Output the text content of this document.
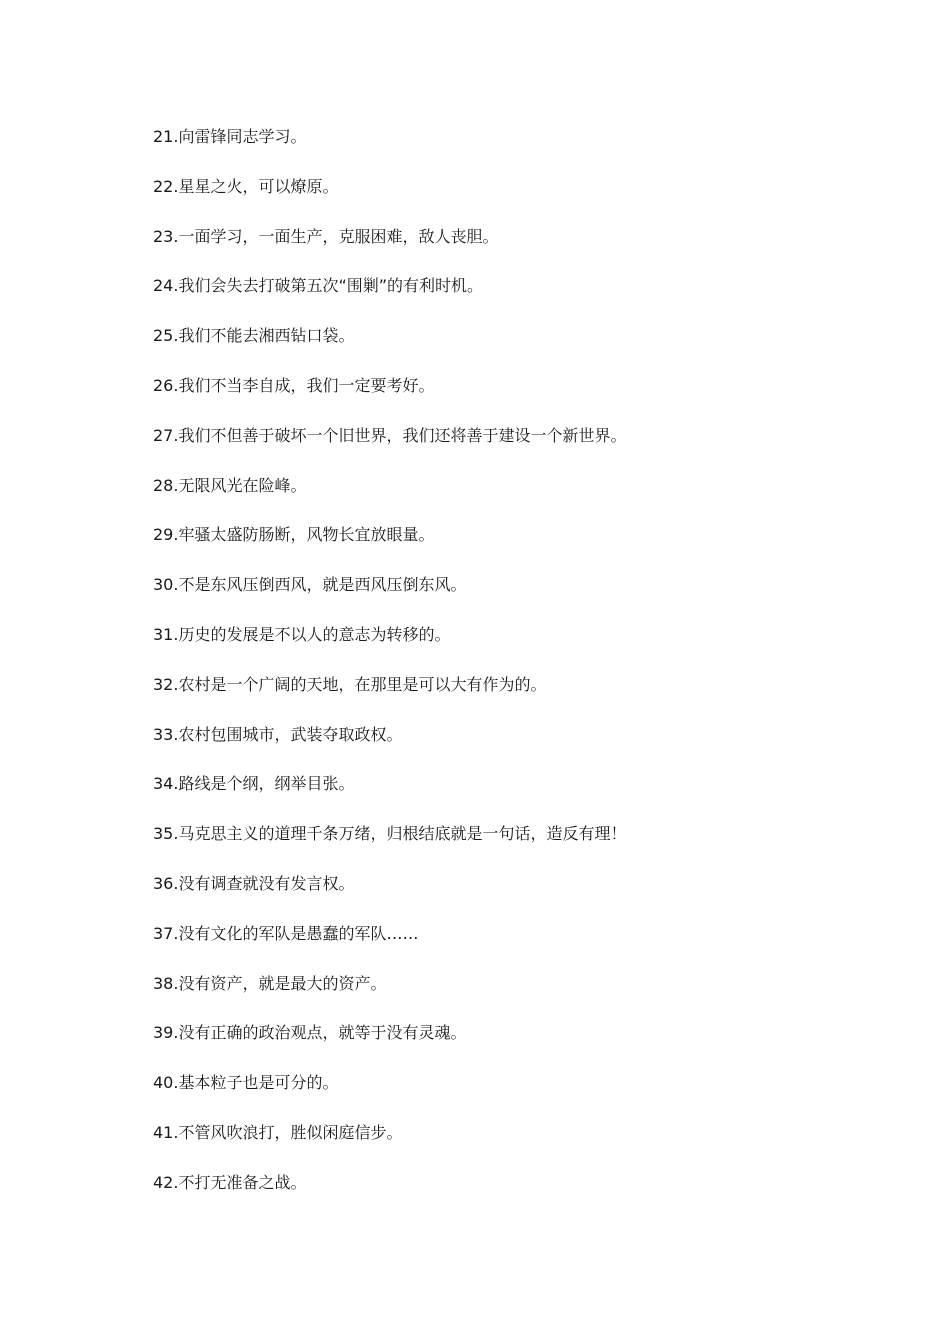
21.向雷锋同志学习。
22.星星之火，可以燎原。
23.一面学习，一面生产，克服困难，敌人丧胆。
24.我们会失去打破第五次“围剿”的有利时机。
25.我们不能去湘西钻口袋。
26.我们不当李自成，我们一定要考好。
27.我们不但善于破坏一个旧世界，我们还将善于建设一个新世界。
28.无限风光在险峰。
29.牢骚太盛防肠断，风物长宜放眼量。
30.不是东风压倒西风，就是西风压倒东风。
31.历史的发展是不以人的意志为转移的。
32.农村是一个广阔的天地，在那里是可以大有作为的。
33.农村包围城市，武装夺取政权。
34.路线是个纲，纲举目张。
35.马克思主义的道理千条万绪，归根结底就是一句话，造反有理！
36.没有调查就没有发言权。
37.没有文化的军队是愚蠢的军队……
38.没有资产，就是最大的资产。
39.没有正确的政治观点，就等于没有灵魂。
40.基本粒子也是可分的。
41.不管风吹浪打，胜似闲庭信步。
42.不打无准备之战。
